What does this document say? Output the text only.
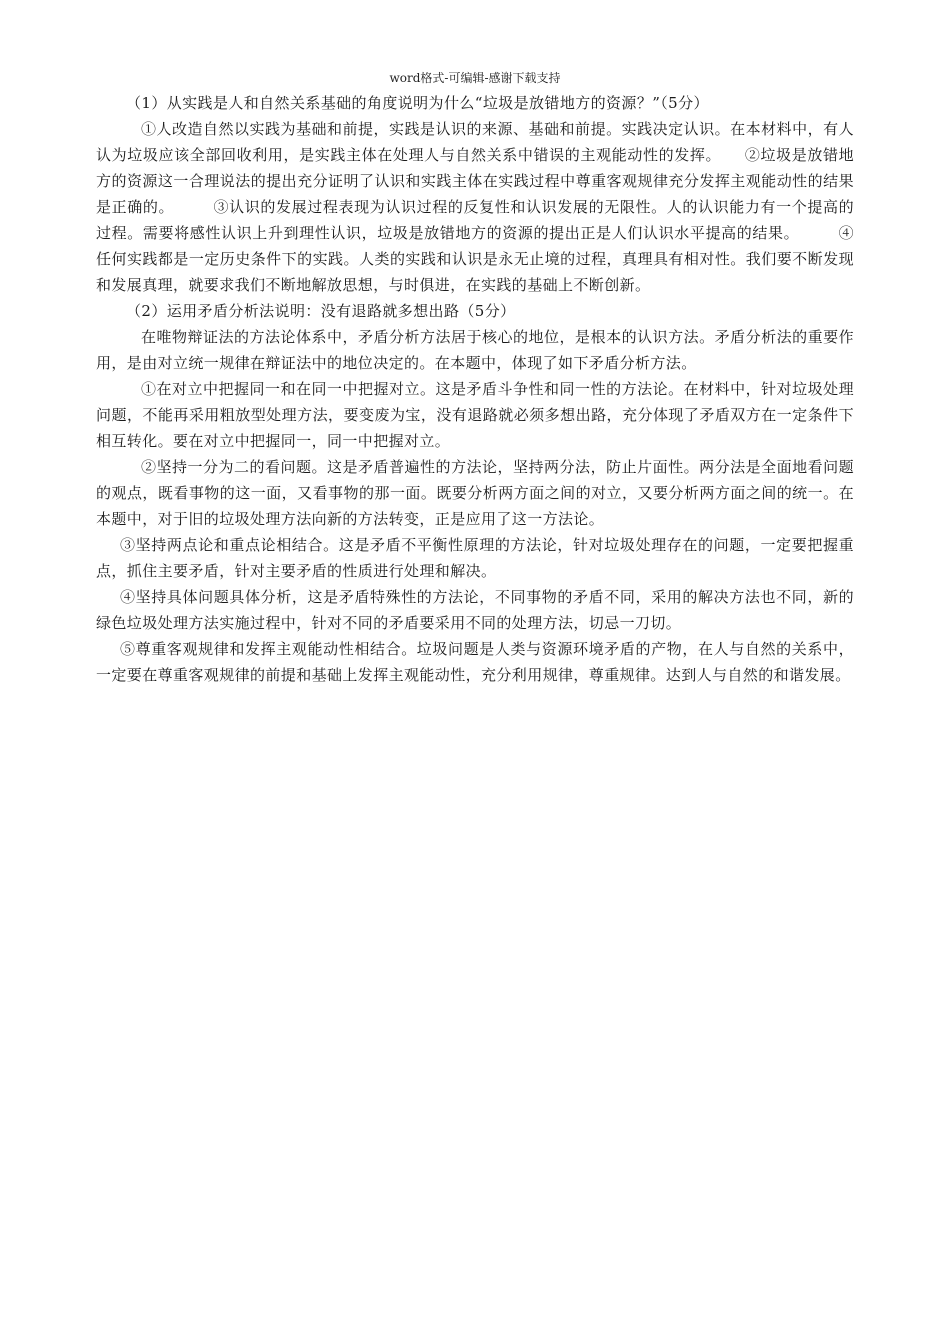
word格式-可编辑-感谢下载支持

（1）从实践是人和自然关系基础的角度说明为什么“垃圾是放错地方的资源？”（5分）

①人改造自然以实践为基础和前提，实践是认识的来源、基础和前提。实践决定认识。在本材料中，有人认为垃圾应该全部回收利用，是实践主体在处理人与自然关系中错误的主观能动性的发挥。　　②垃圾是放错地方的资源这一合理说法的提出充分证明了认识和实践主体在实践过程中尊重客观规律充分发挥主观能动性的结果是正确的。　　　③认识的发展过程表现为认识过程的反复性和认识发展的无限性。人的认识能力有一个提高的过程。需要将感性认识上升到理性认识，垃圾是放错地方的资源的提出正是人们认识水平提高的结果。　　　④任何实践都是一定历史条件下的实践。人类的实践和认识是永无止境的过程，真理具有相对性。我们要不断发现和发展真理，就要求我们不断地解放思想，与时俱进，在实践的基础上不断创新。

（2）运用矛盾分析法说明：没有退路就多想出路（5分）

在唯物辩证法的方法论体系中，矛盾分析方法居于核心的地位，是根本的认识方法。矛盾分析法的重要作用，是由对立统一规律在辩证法中的地位决定的。在本题中，体现了如下矛盾分析方法。

①在对立中把握同一和在同一中把握对立。这是矛盾斗争性和同一性的方法论。在材料中，针对垃圾处理问题，不能再采用粗放型处理方法，要变废为宝，没有退路就必须多想出路，充分体现了矛盾双方在一定条件下相互转化。要在对立中把握同一，同一中把握对立。

②坚持一分为二的看问题。这是矛盾普遍性的方法论，坚持两分法，防止片面性。两分法是全面地看问题的观点，既看事物的这一面，又看事物的那一面。既要分析两方面之间的对立，又要分析两方面之间的统一。在本题中，对于旧的垃圾处理方法向新的方法转变，正是应用了这一方法论。

③坚持两点论和重点论相结合。这是矛盾不平衡性原理的方法论，针对垃圾处理存在的问题，一定要把握重点，抓住主要矛盾，针对主要矛盾的性质进行处理和解决。

④坚持具体问题具体分析，这是矛盾特殊性的方法论，不同事物的矛盾不同，采用的解决方法也不同，新的绿色垃圾处理方法实施过程中，针对不同的矛盾要采用不同的处理方法，切忌一刀切。

⑤尊重客观规律和发挥主观能动性相结合。垃圾问题是人类与资源环境矛盾的产物，在人与自然的关系中，一定要在尊重客观规律的前提和基础上发挥主观能动性，充分利用规律，尊重规律。达到人与自然的和谐发展。
